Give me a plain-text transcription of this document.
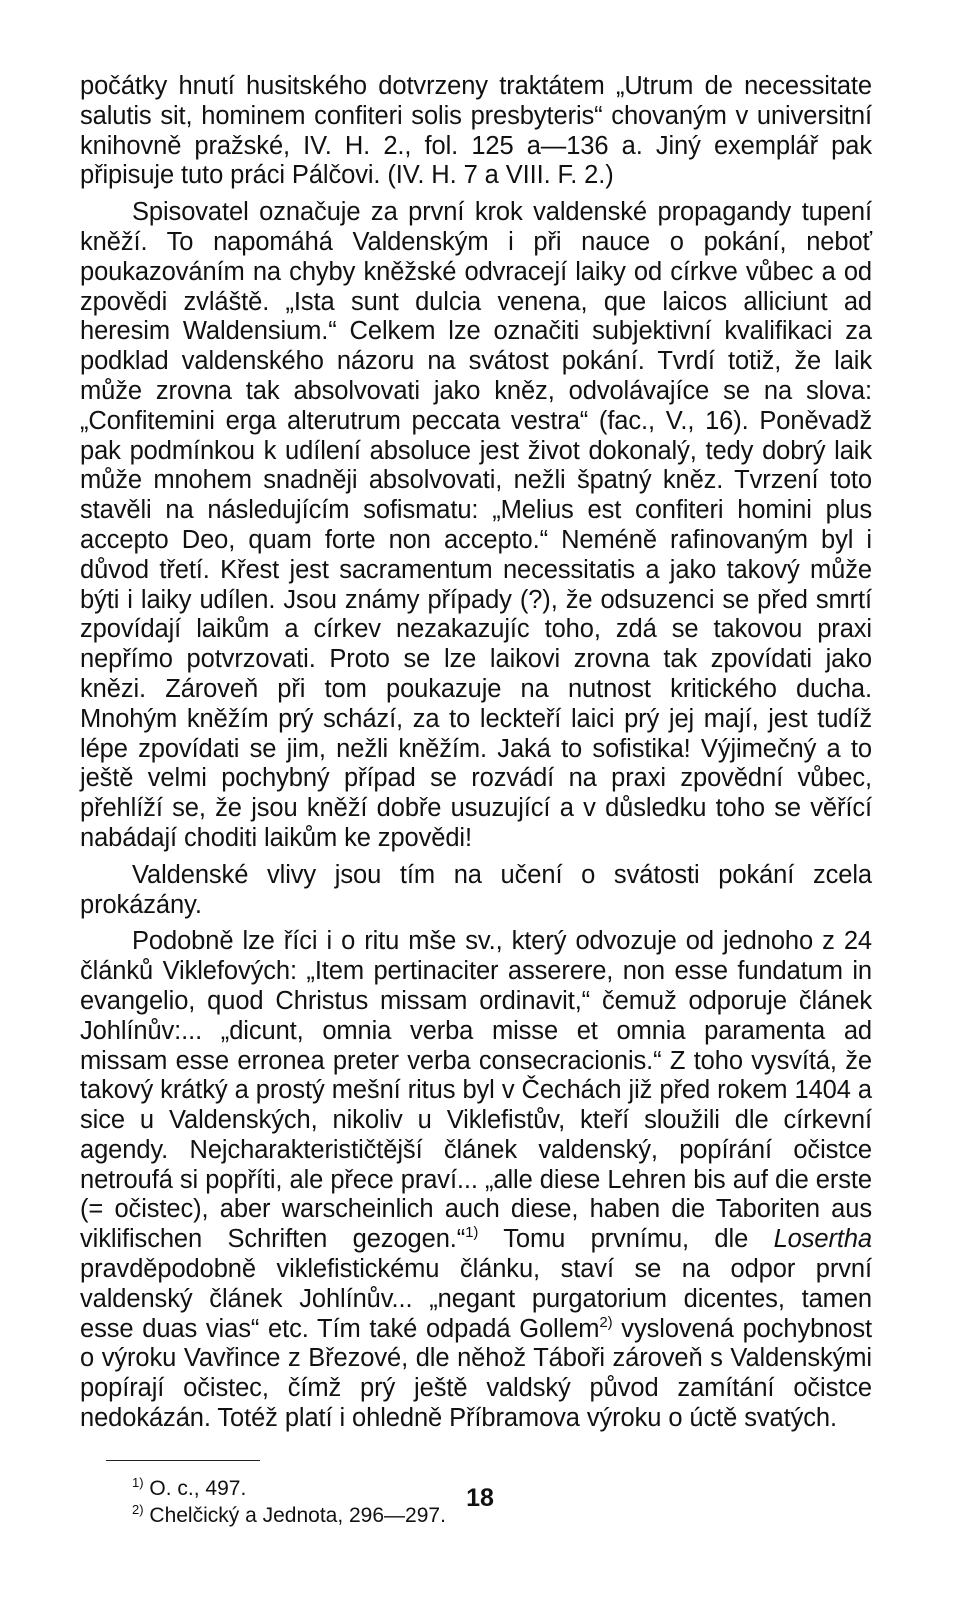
počátky hnutí husitského dotvrzeny traktátem „Utrum de necessitate salutis sit, hominem confiteri solis presbyteris“ chovaným v universitní knihovně pražské, IV. H. 2., fol. 125 a—136 a. Jiný exemplář pak připisuje tuto práci Pálčovi. (IV. H. 7 a VIII. F. 2.)

Spisovatel označuje za první krok valdenské propagandy tupení kněží. To napomáhá Valdenským i při nauce o pokání, neboť poukazováním na chyby kněžské odvracejí laiky od církve vůbec a od zpovědi zvláště. „Ista sunt dulcia venena, que laicos alliciunt ad heresim Waldensium.“ Celkem lze označiti subjektivní kvalifikaci za podklad valdenského názoru na svátost pokání. Tvrdí totiž, že laik může zrovna tak absolvovati jako kněz, odvolávajíce se na slova: „Confitemini erga alterutrum peccata vestra“ (fac., V., 16). Poněvadž pak podmínkou k udílení absoluce jest život dokonalý, tedy dobrý laik může mnohem snadněji absolvovati, nežli špatný kněz. Tvrzení toto stavěli na následujícím sofismatu: „Melius est confiteri homini plus accepto Deo, quam forte non accepto.“ Neméně rafinovaným byl i důvod třetí. Křest jest sacramentum necessitatis a jako takový může býti i laiky udílen. Jsou známy případy (?), že odsuzenci se před smrtí zpovídají laikům a církev nezakazujíc toho, zdá se takovou praxi nepřímo potvrzovati. Proto se lze laikovi zrovna tak zpovídati jako knězi. Zároveň při tom poukazuje na nutnost kritického ducha. Mnohým kněžím prý schází, za to leckteří laici prý jej mají, jest tudíž lépe zpovídati se jim, nežli kněžím. Jaká to sofistika! Výjimečný a to ještě velmi pochybný případ se rozvádí na praxi zpovědní vůbec, přehlíží se, že jsou kněží dobře usuzující a v důsledku toho se věřící nabádají choditi laikům ke zpovědi!

Valdenské vlivy jsou tím na učení o svátosti pokání zcela prokázány.

Podobně lze říci i o ritu mše sv., který odvozuje od jednoho z 24 článků Viklefových: „Item pertinaciter asserere, non esse fundatum in evangelio, quod Christus missam ordinavit,“ čemuž odporuje článek Johlínův:... „dicunt, omnia verba misse et omnia paramenta ad missam esse erronea preter verba consecracionis.“ Z toho vysvítá, že takový krátký a prostý mešní ritus byl v Čechách již před rokem 1404 a sice u Valdenských, nikoliv u Viklefistův, kteří sloužili dle církevní agendy. Nejcharakterističtější článek valdenský, popírání očistce netroufá si popříti, ale přece praví... „alle diese Lehren bis auf die erste (= očistec), aber warscheinlich auch diese, haben die Taboriten aus viklifischen Schriften gezogen.“$^{1)}$ Tomu prvnímu, dle Losertha pravděpodobně viklefistickému článku, staví se na odpor první valdenský článek Johlínův... „negant purgatorium dicentes, tamen esse duas vias“ etc. Tím také odpadá Gollem$^{2)}$ vyslovená pochybnost o výroku Vavřince z Březové, dle něhož Táboři zároveň s Valdenskými popírají očistec, čímž prý ještě valdský původ zamítání očistce nedokázán. Totéž platí i ohledně Příbramova výroku o úctě svatých.

$^{1)}$ O. c., 497.

$^{2)}$ Chelčický a Jednota, 296—297.

18
